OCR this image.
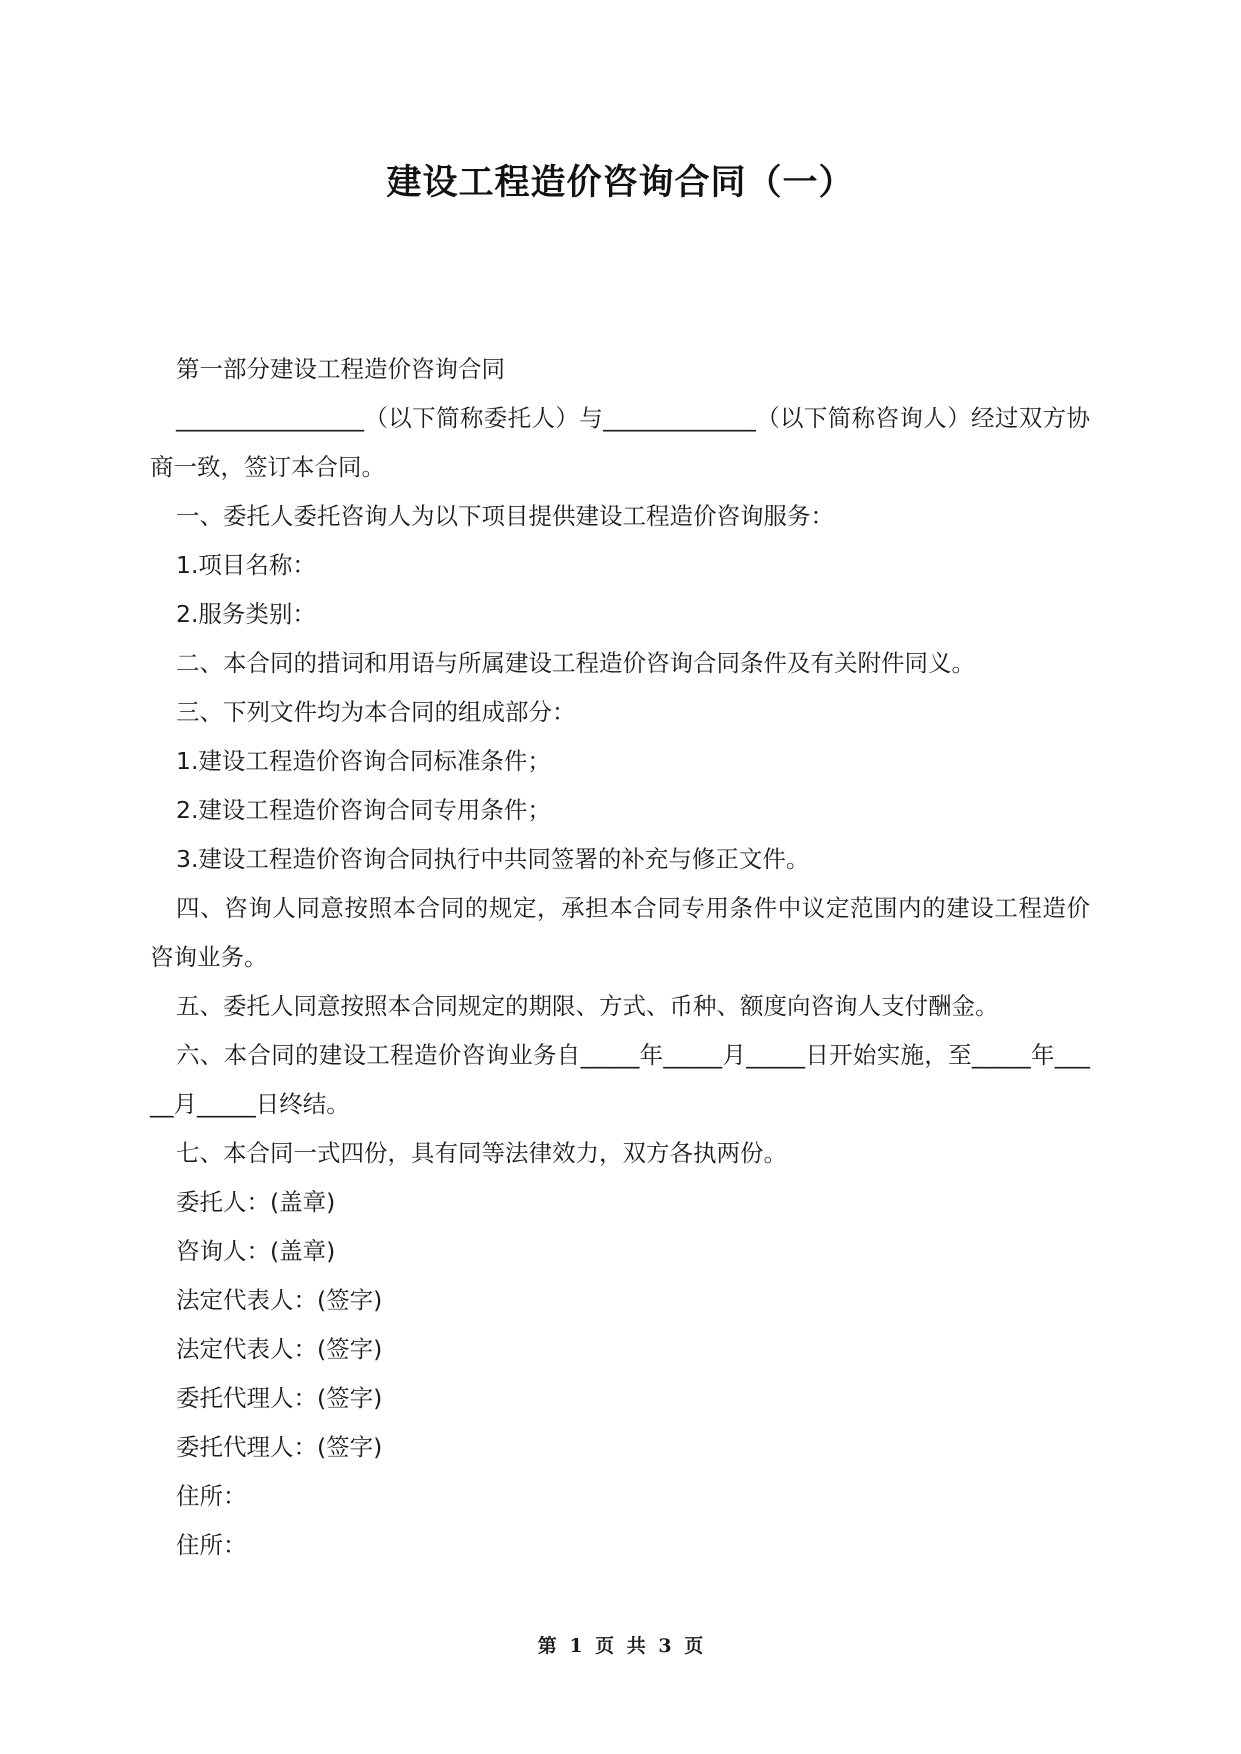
建设工程造价咨询合同（一）

第一部分建设工程造价咨询合同

________________（以下简称委托人）与_____________（以下简称咨询人）经过双方协商一致，签订本合同。

一、委托人委托咨询人为以下项目提供建设工程造价咨询服务：

1.项目名称：

2.服务类别：

二、本合同的措词和用语与所属建设工程造价咨询合同条件及有关附件同义。

三、下列文件均为本合同的组成部分：

1.建设工程造价咨询合同标准条件；

2.建设工程造价咨询合同专用条件；

3.建设工程造价咨询合同执行中共同签署的补充与修正文件。

四、咨询人同意按照本合同的规定，承担本合同专用条件中议定范围内的建设工程造价咨询业务。

五、委托人同意按照本合同规定的期限、方式、币种、额度向咨询人支付酬金。

六、本合同的建设工程造价咨询业务自_____年_____月_____日开始实施，至_____年_____月_____日终结。

七、本合同一式四份，具有同等法律效力，双方各执两份。

委托人：(盖章)

咨询人：(盖章)

法定代表人：(签字)

法定代表人：(签字)

委托代理人：(签字)

委托代理人：(签字)

住所：

住所：

第 1 页 共 3 页
